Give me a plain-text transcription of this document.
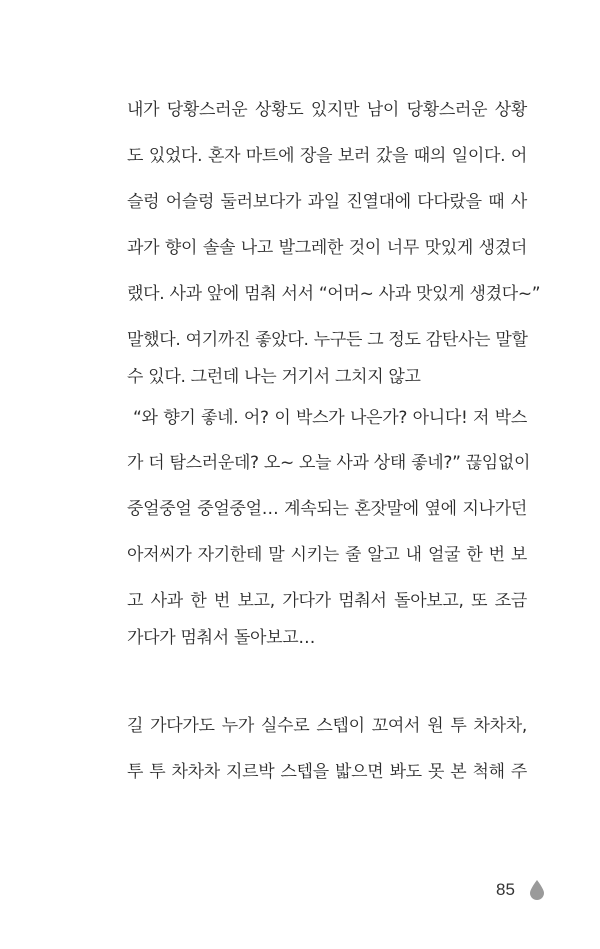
내가 당황스러운 상황도 있지만 남이 당황스러운 상황
도 있었다. 혼자 마트에 장을 보러 갔을 때의 일이다. 어
슬렁 어슬렁 둘러보다가 과일 진열대에 다다랐을 때 사
과가 향이 솔솔 나고 발그레한 것이 너무 맛있게 생겼더
랬다. 사과 앞에 멈춰 서서 “어머~ 사과 맛있게 생겼다~”
말했다. 여기까진 좋았다. 누구든 그 정도 감탄사는 말할
수 있다. 그런데 나는 거기서 그치지 않고
“와 향기 좋네. 어? 이 박스가 나은가? 아니다! 저 박스
가 더 탐스러운데? 오~ 오늘 사과 상태 좋네?” 끊임없이
중얼중얼 중얼중얼… 계속되는 혼잣말에 옆에 지나가던
아저씨가 자기한테 말 시키는 줄 알고 내 얼굴 한 번 보
고 사과 한 번 보고, 가다가 멈춰서 돌아보고, 또 조금
가다가 멈춰서 돌아보고…
길 가다가도 누가 실수로 스텝이 꼬여서 원 투 차차차,
투 투 차차차 지르박 스텝을 밟으면 봐도 못 본 척해 주
85
